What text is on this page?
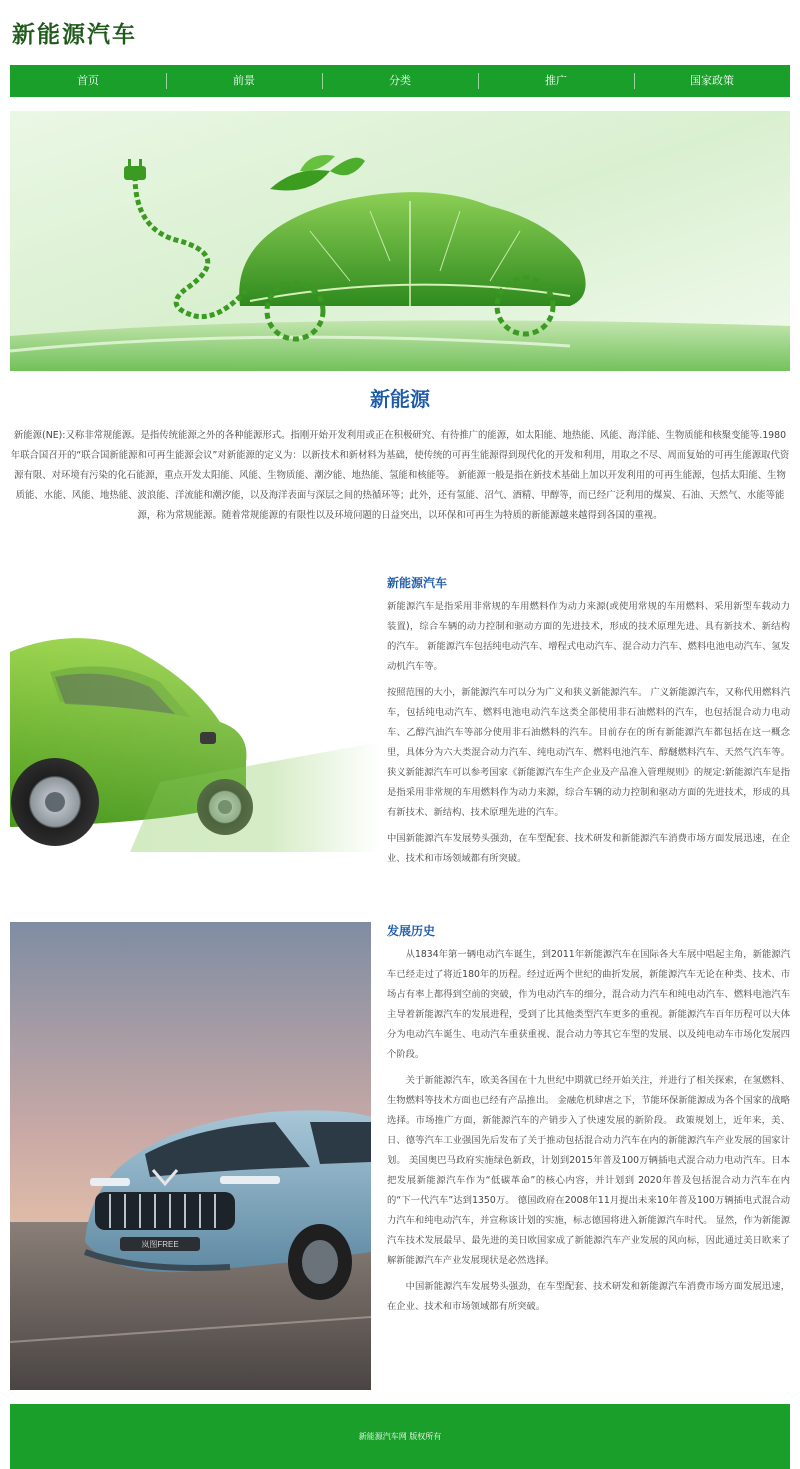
新能源汽车
首页	前景	分类	推广	国家政策
新能源

新能源(NE):又称非常规能源。是指传统能源之外的各种能源形式。指刚开始开发利用或正在积极研究、有待推广的能源，如太阳能、地热能、风能、海洋能、生物质能和核聚变能等.1980年联合国召开的“联合国新能源和可再生能源会议”对新能源的定义为：以新技术和新材料为基础，使传统的可再生能源得到现代化的开发和利用，用取之不尽、周而复始的可再生能源取代资源有限、对环境有污染的化石能源，重点开发太阳能、风能、生物质能、潮汐能、地热能、氢能和核能等。 新能源一般是指在新技术基础上加以开发利用的可再生能源，包括太阳能、生物质能、水能、风能、地热能、波浪能、洋流能和潮汐能，以及海洋表面与深层之间的热循环等；此外，还有氢能、沼气、酒精、甲醇等，而已经广泛利用的煤炭、石油、天然气、水能等能源，称为常规能源。随着常规能源的有限性以及环境问题的日益突出，以环保和可再生为特质的新能源越来越得到各国的重视。

新能源汽车

新能源汽车是指采用非常规的车用燃料作为动力来源(或使用常规的车用燃料、采用新型车载动力装置)，综合车辆的动力控制和驱动方面的先进技术，形成的技术原理先进、具有新技术、新结构的汽车。 新能源汽车包括纯电动汽车、增程式电动汽车、混合动力汽车、燃料电池电动汽车、氢发动机汽车等。

按照范围的大小，新能源汽车可以分为广义和狭义新能源汽车。 广义新能源汽车，又称代用燃料汽车，包括纯电动汽车、燃料电池电动汽车这类全部使用非石油燃料的汽车，也包括混合动力电动车、乙醇汽油汽车等部分使用非石油燃料的汽车。目前存在的所有新能源汽车都包括在这一概念里，具体分为六大类混合动力汽车、纯电动汽车、燃料电池汽车、醇醚燃料汽车、天然气汽车等。 狭义新能源汽车可以参考国家《新能源汽车生产企业及产品准入管理规则》的规定:新能源汽车是指是指采用非常规的车用燃料作为动力来源，综合车辆的动力控制和驱动方面的先进技术，形成的具有新技术、新结构、技术原理先进的汽车。

中国新能源汽车发展势头强劲，在车型配套、技术研发和新能源汽车消费市场方面发展迅速，在企业、技术和市场领域都有所突破。

岚图FREE
发展历史

从1834年第一辆电动汽车诞生，到2011年新能源汽车在国际各大车展中唱起主角，新能源汽车已经走过了将近180年的历程。经过近两个世纪的曲折发展，新能源汽车无论在种类、技术、市场占有率上都得到空前的突破，作为电动汽车的细分，混合动力汽车和纯电动汽车、燃料电池汽车主导着新能源汽车的发展进程，受到了比其他类型汽车更多的重视。新能源汽车百年历程可以大体分为电动汽车诞生、电动汽车重获重视、混合动力等其它车型的发展、以及纯电动车市场化发展四个阶段。

关于新能源汽车，欧美各国在十九世纪中期就已经开始关注，并进行了相关探索，在氢燃料、生物燃料等技术方面也已经有产品推出。 金融危机肆虐之下，节能环保新能源成为各个国家的战略选择。市场推广方面，新能源汽车的产销步入了快速发展的新阶段。 政策规划上，近年来，美、日、德等汽车工业强国先后发布了关于推动包括混合动力汽车在内的新能源汽车产业发展的国家计划。 美国奥巴马政府实施绿色新政，计划到2015年普及100万辆插电式混合动力电动汽车。日本把发展新能源汽车作为“低碳革命”的核心内容，并计划到 2020年普及包括混合动力汽车在内的“下一代汽车”达到1350万。 德国政府在2008年11月提出未来10年普及100万辆插电式混合动力汽车和纯电动汽车，并宣称该计划的实施，标志德国将进入新能源汽车时代。 显然，作为新能源汽车技术发展最早、最先进的美日欧国家成了新能源汽车产业发展的风向标，因此通过美日欧来了解新能源汽车产业发展现状是必然选择。

中国新能源汽车发展势头强劲，在车型配套、技术研发和新能源汽车消费市场方面发展迅速，在企业、技术和市场领域都有所突破。

新能源汽车网 版权所有
